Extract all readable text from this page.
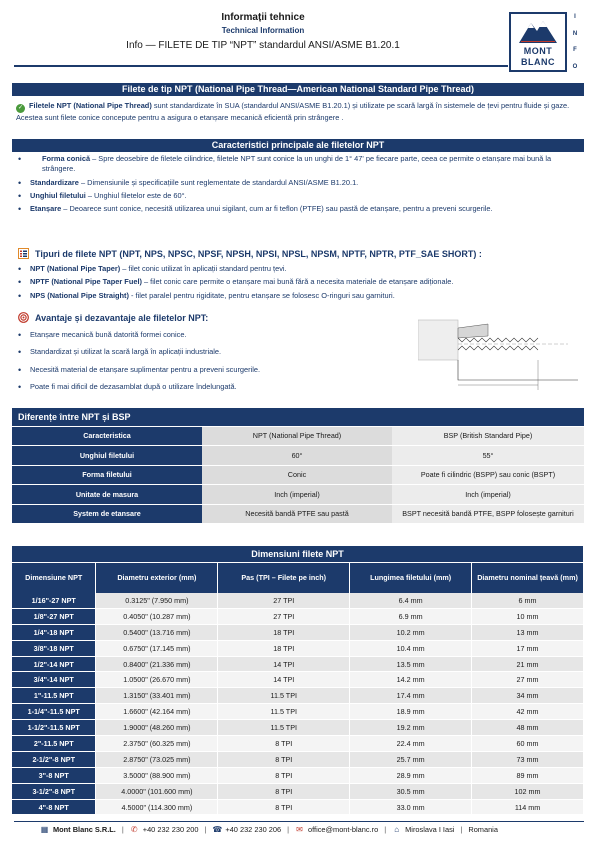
Informații tehnice
Technical Information
Info — FILETE DE TIP “NPT” standardul ANSI/ASME B1.20.1	MONT
BLANC
I
N
F
O
Filete de tip NPT (National Pipe Thread—American National Standard Pipe Thread)
✓ Filetele NPT (National Pipe Thread) sunt standardizate în SUA (standardul ANSI/ASME B1.20.1) și utilizate pe scară largă în sistemele de țevi pentru fluide și gaze. Acestea sunt filete conice concepute pentru a asigura o etanșare mecanică eficientă prin strângere .
Caracteristici principale ale filetelor NPT
• Forma conică – Spre deosebire de filetele cilindrice, filetele NPT sunt conice la un unghi de 1° 47' pe fiecare parte, ceea ce permite o etanșare mai bună la strângere.
• Standardizare – Dimensiunile și specificațiile sunt reglementate de standardul ANSI/ASME B1.20.1.
• Unghiul filetului – Unghiul filetelor este de 60°.
• Etanșare – Deoarece sunt conice, necesită utilizarea unui sigilant, cum ar fi teflon (PTFE) sau pastă de etanșare, pentru a preveni scurgerile.
Tipuri de filete NPT (NPT, NPS, NPSC, NPSF, NPSH, NPSI, NPSL, NPSM, NPTF, NPTR, PTF_SAE SHORT) :
• NPT (National Pipe Taper) – filet conic utilizat în aplicații standard pentru țevi.
• NPTF (National Pipe Taper Fuel) – filet conic care permite o etanșare mai bună fără a necesita materiale de etanșare adiționale.
• NPS (National Pipe Straight) - filet paralel pentru rigiditate, pentru etanșare se folosesc O-ringuri sau garnituri.
Avantaje și dezavantaje ale filetelor NPT:
• Etanșare mecanică bună datorită formei conice.
• Standardizat și utilizat la scară largă în aplicații industriale.
• Necesită material de etanșare suplimentar pentru a preveni scurgerile.
• Poate fi mai dificil de dezasamblat după o utilizare îndelungată.
Diferențe între NPT și BSP		
Caracteristica	NPT (National Pipe Thread)	BSP (British Standard Pipe)
Unghiul filetului	60°	55°
Forma filetului	Conic	Poate fi cilindric (BSPP) sau conic (BSPT)
Unitate de masura	Inch (imperial)	Inch (imperial)
System de etansare	Necesită bandă PTFE sau pastă	BSPT necesită bandă PTFE, BSPP folosește garnituri
Dimensiuni filete NPT				
Dimensiune NPT	Diametru exterior (mm)	Pas (TPI – Filete pe inch)	Lungimea filetului (mm)	Diametru nominal țeavă (mm)
1/16"-27 NPT	0.3125" (7.950 mm)	27 TPI	6.4 mm	6 mm
1/8"-27 NPT	0.4050" (10.287 mm)	27 TPI	6.9 mm	10 mm
1/4"-18 NPT	0.5400" (13.716 mm)	18 TPI	10.2 mm	13 mm
3/8"-18 NPT	0.6750" (17.145 mm)	18 TPI	10.4 mm	17 mm
1/2"-14 NPT	0.8400" (21.336 mm)	14 TPI	13.5 mm	21 mm
3/4"-14 NPT	1.0500" (26.670 mm)	14 TPI	14.2 mm	27 mm
1"-11.5 NPT	1.3150" (33.401 mm)	11.5 TPI	17.4 mm	34 mm
1-1/4"-11.5 NPT	1.6600" (42.164 mm)	11.5 TPI	18.9 mm	42 mm
1-1/2"-11.5 NPT	1.9000" (48.260 mm)	11.5 TPI	19.2 mm	48 mm
2"-11.5 NPT	2.3750" (60.325 mm)	8 TPI	22.4 mm	60 mm
2-1/2"-8 NPT	2.8750" (73.025 mm)	8 TPI	25.7 mm	73 mm
3"-8 NPT	3.5000" (88.900 mm)	8 TPI	28.9 mm	89 mm
3-1/2"-8 NPT	4.0000" (101.600 mm)	8 TPI	30.5 mm	102 mm
4"-8 NPT	4.5000" (114.300 mm)	8 TPI	33.0 mm	114 mm
▦ Mont Blanc S.R.L. | ✆ +40 232 230 200 | ☎ +40 232 230 206 | ✉ office@mont-blanc.ro | ⌂ Miroslava I Iasi | Romania
